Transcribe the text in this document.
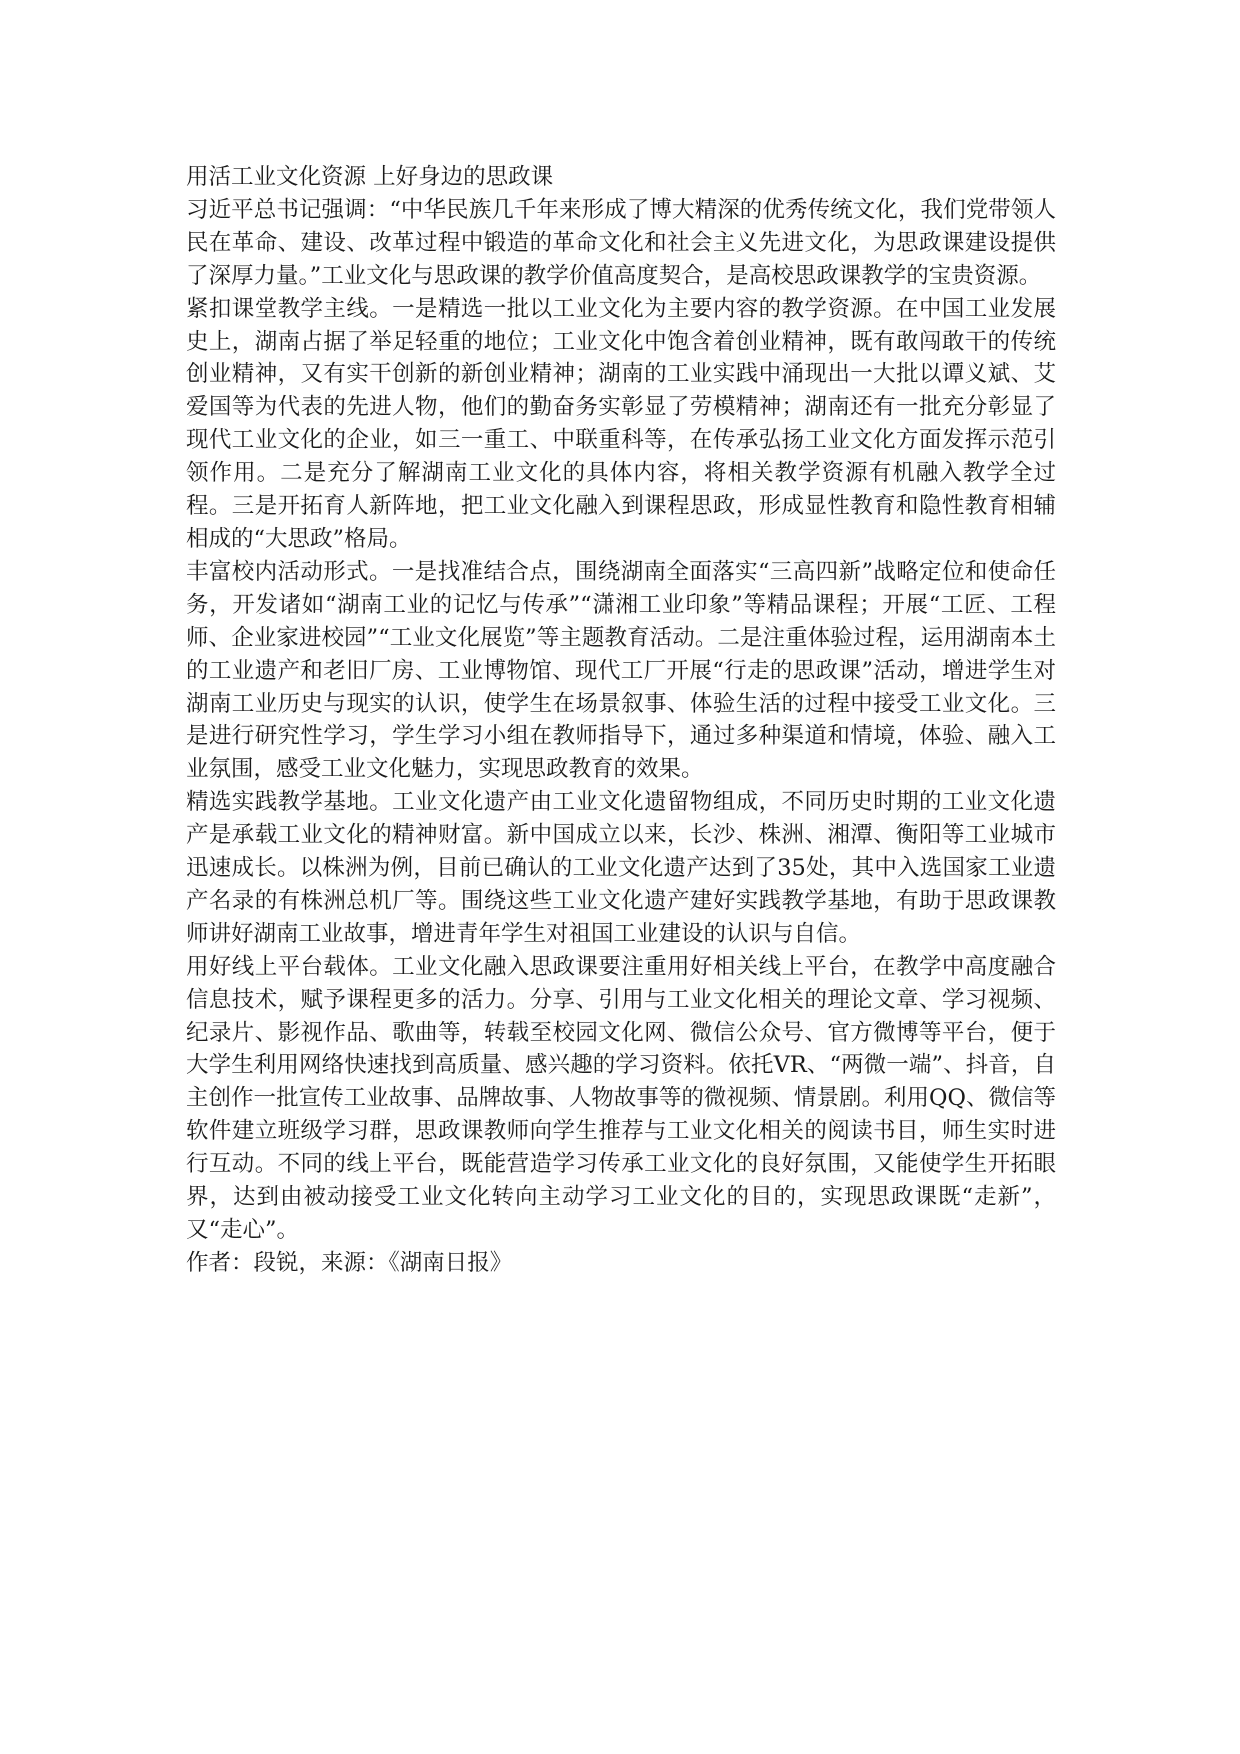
用活工业文化资源 上好身边的思政课

习近平总书记强调：“中华民族几千年来形成了博大精深的优秀传统文化，我们党带领人民在革命、建设、改革过程中锻造的革命文化和社会主义先进文化，为思政课建设提供了深厚力量。”工业文化与思政课的教学价值高度契合，是高校思政课教学的宝贵资源。

紧扣课堂教学主线。一是精选一批以工业文化为主要内容的教学资源。在中国工业发展史上，湖南占据了举足轻重的地位；工业文化中饱含着创业精神，既有敢闯敢干的传统创业精神，又有实干创新的新创业精神；湖南的工业实践中涌现出一大批以谭义斌、艾爱国等为代表的先进人物，他们的勤奋务实彰显了劳模精神；湖南还有一批充分彰显了现代工业文化的企业，如三一重工、中联重科等，在传承弘扬工业文化方面发挥示范引领作用。二是充分了解湖南工业文化的具体内容，将相关教学资源有机融入教学全过程。三是开拓育人新阵地，把工业文化融入到课程思政，形成显性教育和隐性教育相辅相成的“大思政”格局。

丰富校内活动形式。一是找准结合点，围绕湖南全面落实“三高四新”战略定位和使命任务，开发诸如“湖南工业的记忆与传承”“潇湘工业印象”等精品课程；开展“工匠、工程师、企业家进校园”“工业文化展览”等主题教育活动。二是注重体验过程，运用湖南本土的工业遗产和老旧厂房、工业博物馆、现代工厂开展“行走的思政课”活动，增进学生对湖南工业历史与现实的认识，使学生在场景叙事、体验生活的过程中接受工业文化。三是进行研究性学习，学生学习小组在教师指导下，通过多种渠道和情境，体验、融入工业氛围，感受工业文化魅力，实现思政教育的效果。

精选实践教学基地。工业文化遗产由工业文化遗留物组成，不同历史时期的工业文化遗产是承载工业文化的精神财富。新中国成立以来，长沙、株洲、湘潭、衡阳等工业城市迅速成长。以株洲为例，目前已确认的工业文化遗产达到了35处，其中入选国家工业遗产名录的有株洲总机厂等。围绕这些工业文化遗产建好实践教学基地，有助于思政课教师讲好湖南工业故事，增进青年学生对祖国工业建设的认识与自信。

用好线上平台载体。工业文化融入思政课要注重用好相关线上平台，在教学中高度融合信息技术，赋予课程更多的活力。分享、引用与工业文化相关的理论文章、学习视频、纪录片、影视作品、歌曲等，转载至校园文化网、微信公众号、官方微博等平台，便于大学生利用网络快速找到高质量、感兴趣的学习资料。依托VR、“两微一端”、抖音，自主创作一批宣传工业故事、品牌故事、人物故事等的微视频、情景剧。利用QQ、微信等软件建立班级学习群，思政课教师向学生推荐与工业文化相关的阅读书目，师生实时进行互动。不同的线上平台，既能营造学习传承工业文化的良好氛围，又能使学生开拓眼界，达到由被动接受工业文化转向主动学习工业文化的目的，实现思政课既“走新”，又“走心”。

作者：段锐，来源：《湖南日报》
